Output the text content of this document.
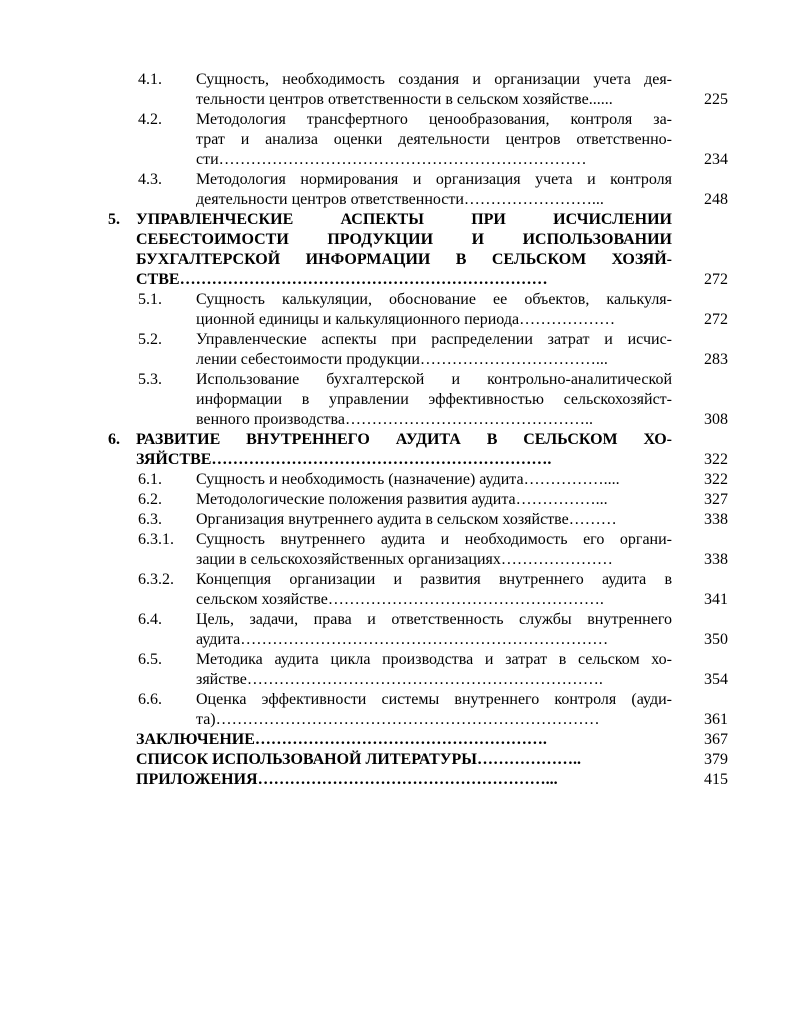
4.1.	Сущность, необходимость создания и организации учета дея-
тельности центров ответственности в сельском хозяйстве......	225
4.2.	Методология трансфертного ценообразования, контроля за-
трат и анализа оценки деятельности центров ответственно-
сти……………………………………………………………	234
4.3.	Методология нормирования и организация учета и контроля
деятельности центров ответственности……………………...	248
5.	УПРАВЛЕНЧЕСКИЕ АСПЕКТЫ ПРИ ИСЧИСЛЕНИИ
СЕБЕСТОИМОСТИ ПРОДУКЦИИ И ИСПОЛЬЗОВАНИИ
БУХГАЛТЕРСКОЙ ИНФОРМАЦИИ В СЕЛЬСКОМ ХОЗЯЙ-
СТВЕ……………………………………………………………	272
5.1.	Сущность калькуляции, обоснование ее объектов, калькуля-
ционной единицы и калькуляционного периода………………	272
5.2.	Управленческие аспекты при распределении затрат и исчис-
лении себестоимости продукции……………………………...	283
5.3.	Использование бухгалтерской и контрольно-аналитической
информации в управлении эффективностью сельскохозяйст-
венного производства………………………………………..	308
6.	РАЗВИТИЕ ВНУТРЕННЕГО АУДИТА В СЕЛЬСКОМ ХО-
ЗЯЙСТВЕ……………………………………………………….	322
6.1.	Сущность и необходимость (назначение) аудита……………....	322
6.2.	Методологические положения развития аудита……………...	327
6.3.	Организация внутреннего аудита в сельском хозяйстве………	338
6.3.1.	Сущность внутреннего аудита и необходимость его органи-
зации в сельскохозяйственных организациях…………………	338
6.3.2.	Концепция организации и развития внутреннего аудита в
сельском хозяйстве…………………………………………….	341
6.4.	Цель, задачи, права и ответственность службы внутреннего
аудита……………………………………………………………	350
6.5.	Методика аудита цикла производства и затрат в сельском хо-
зяйстве………………………………………………………….	354
6.6.	Оценка эффективности системы внутреннего контроля (ауди-
та)………………………………………………………………	361
ЗАКЛЮЧЕНИЕ……………………………………………….	367
СПИСОК ИСПОЛЬЗОВАНОЙ ЛИТЕРАТУРЫ………………..	379
ПРИЛОЖЕНИЯ………………………………………………...	415
